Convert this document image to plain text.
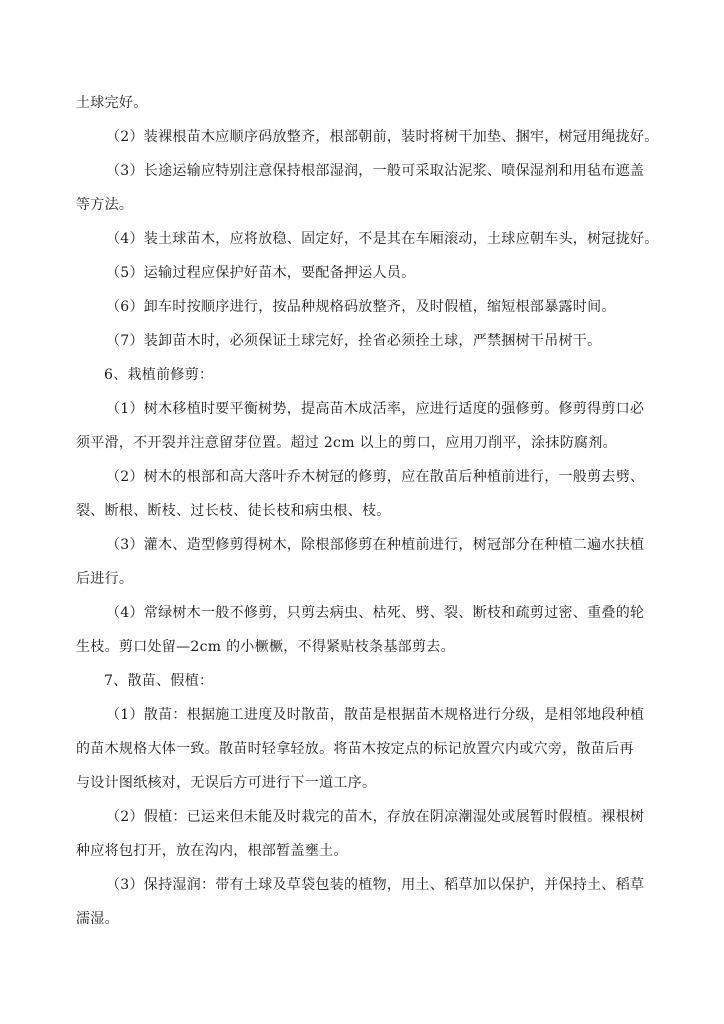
土球完好。
（2）装裸根苗木应顺序码放整齐，根部朝前，装时将树干加垫、捆牢，树冠用绳拢好。
（3）长途运输应特别注意保持根部湿润，一般可采取沾泥浆、喷保湿剂和用毡布遮盖
等方法。
（4）装土球苗木，应将放稳、固定好，不是其在车厢滚动，土球应朝车头，树冠拢好。
（5）运输过程应保护好苗木，要配备押运人员。
（6）卸车时按顺序进行，按品种规格码放整齐，及时假植，缩短根部暴露时间。
（7）装卸苗木时，必须保证土球完好，拴省必须拴土球，严禁捆树干吊树干。
6、栽植前修剪：
（1）树木移植时要平衡树势，提高苗木成活率，应进行适度的强修剪。修剪得剪口必
须平滑，不开裂并注意留芽位置。超过 2cm 以上的剪口，应用刀削平，涂抹防腐剂。
（2）树木的根部和高大落叶乔木树冠的修剪，应在散苗后种植前进行，一般剪去劈、
裂、断根、断枝、过长枝、徒长枝和病虫根、枝。
（3）灌木、造型修剪得树木，除根部修剪在种植前进行，树冠部分在种植二遍水扶植
后进行。
（4）常绿树木一般不修剪，只剪去病虫、枯死、劈、裂、断枝和疏剪过密、重叠的轮
生枝。剪口处留—2cm 的小橛橛，不得紧贴枝条基部剪去。
7、散苗、假植：
（1）散苗：根据施工进度及时散苗，散苗是根据苗木规格进行分级，是相邻地段种植
的苗木规格大体一致。散苗时轻拿轻放。将苗木按定点的标记放置穴内或穴旁，散苗后再
与设计图纸核对，无误后方可进行下一道工序。
（2）假植：已运来但未能及时栽完的苗木，存放在阴凉潮湿处或展暂时假植。裸根树
种应将包打开，放在沟内，根部暂盖壅土。
（3）保持湿润：带有土球及草袋包装的植物，用土、稻草加以保护，并保持土、稻草
濡湿。
